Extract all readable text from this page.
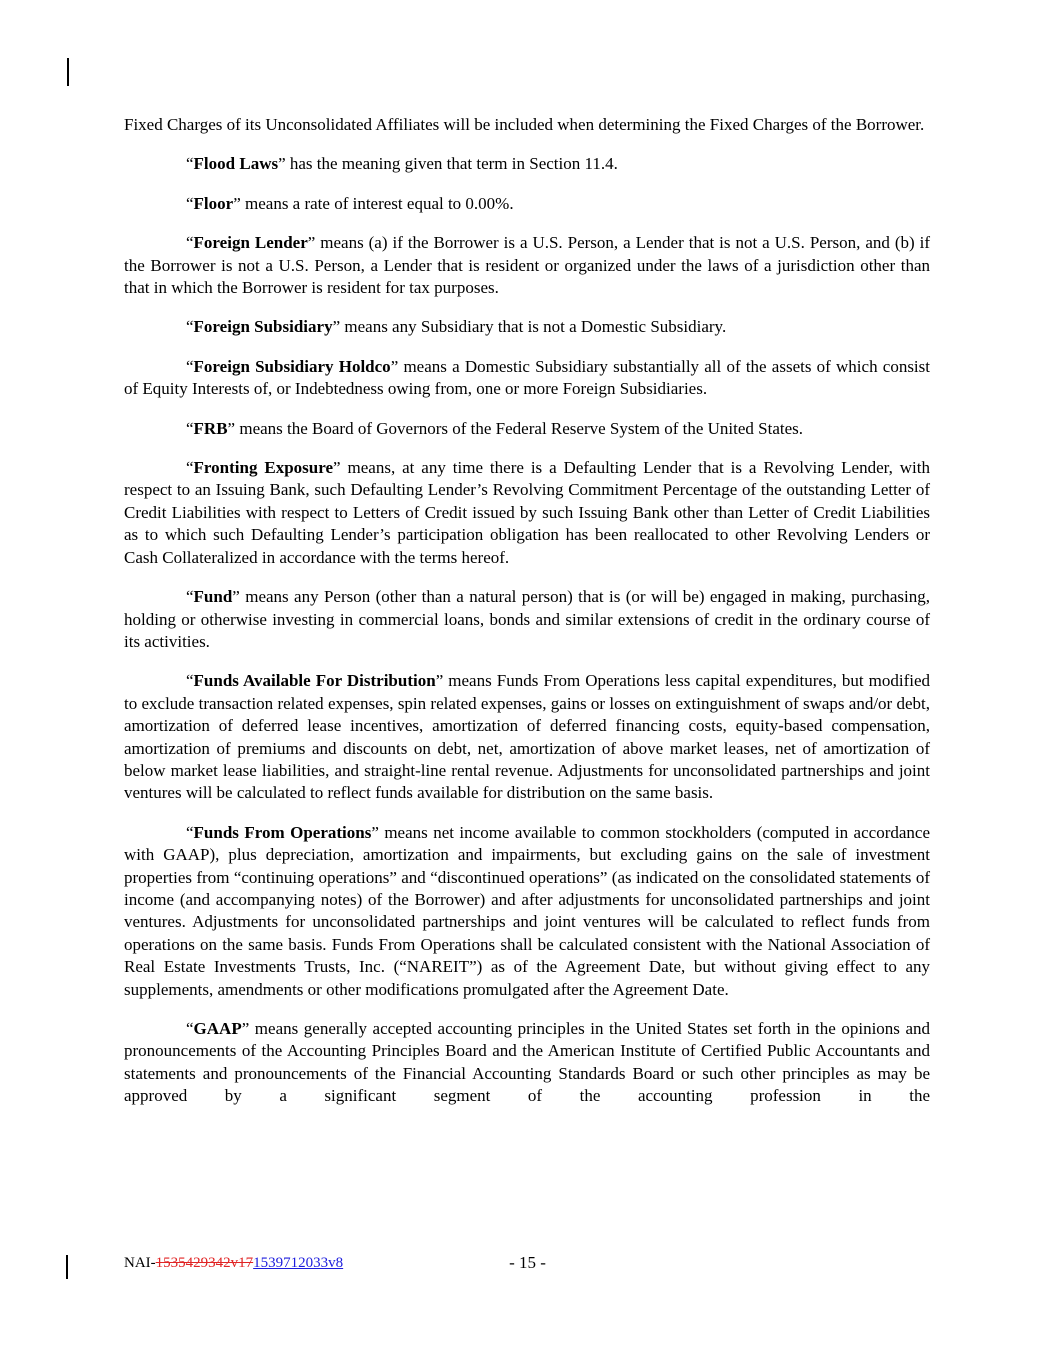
Fixed Charges of its Unconsolidated Affiliates will be included when determining the Fixed Charges of the Borrower.

“Flood Laws” has the meaning given that term in Section 11.4.

“Floor” means a rate of interest equal to 0.00%.

“Foreign Lender” means (a) if the Borrower is a U.S. Person, a Lender that is not a U.S. Person, and (b) if the Borrower is not a U.S. Person, a Lender that is resident or organized under the laws of a jurisdiction other than that in which the Borrower is resident for tax purposes.

“Foreign Subsidiary” means any Subsidiary that is not a Domestic Subsidiary.

“Foreign Subsidiary Holdco” means a Domestic Subsidiary substantially all of the assets of which consist of Equity Interests of, or Indebtedness owing from, one or more Foreign Subsidiaries.

“FRB” means the Board of Governors of the Federal Reserve System of the United States.

“Fronting Exposure” means, at any time there is a Defaulting Lender that is a Revolving Lender, with respect to an Issuing Bank, such Defaulting Lender’s Revolving Commitment Percentage of the outstanding Letter of Credit Liabilities with respect to Letters of Credit issued by such Issuing Bank other than Letter of Credit Liabilities as to which such Defaulting Lender’s participation obligation has been reallocated to other Revolving Lenders or Cash Collateralized in accordance with the terms hereof.

“Fund” means any Person (other than a natural person) that is (or will be) engaged in making, purchasing, holding or otherwise investing in commercial loans, bonds and similar extensions of credit in the ordinary course of its activities.

“Funds Available For Distribution” means Funds From Operations less capital expenditures, but modified to exclude transaction related expenses, spin related expenses, gains or losses on extinguishment of swaps and/or debt, amortization of deferred lease incentives, amortization of deferred financing costs, equity-based compensation, amortization of premiums and discounts on debt, net, amortization of above market leases, net of amortization of below market lease liabilities, and straight-line rental revenue. Adjustments for unconsolidated partnerships and joint ventures will be calculated to reflect funds available for distribution on the same basis.

“Funds From Operations” means net income available to common stockholders (computed in accordance with GAAP), plus depreciation, amortization and impairments, but excluding gains on the sale of investment properties from “continuing operations” and “discontinued operations” (as indicated on the consolidated statements of income (and accompanying notes) of the Borrower) and after adjustments for unconsolidated partnerships and joint ventures. Adjustments for unconsolidated partnerships and joint ventures will be calculated to reflect funds from operations on the same basis. Funds From Operations shall be calculated consistent with the National Association of Real Estate Investments Trusts, Inc. (“NAREIT”) as of the Agreement Date, but without giving effect to any supplements, amendments or other modifications promulgated after the Agreement Date.

“GAAP” means generally accepted accounting principles in the United States set forth in the opinions and pronouncements of the Accounting Principles Board and the American Institute of Certified Public Accountants and statements and pronouncements of the Financial Accounting Standards Board or such other principles as may be approved by a significant segment of the accounting profession in the

NAI-1535429342v171539712033v8	- 15 -
